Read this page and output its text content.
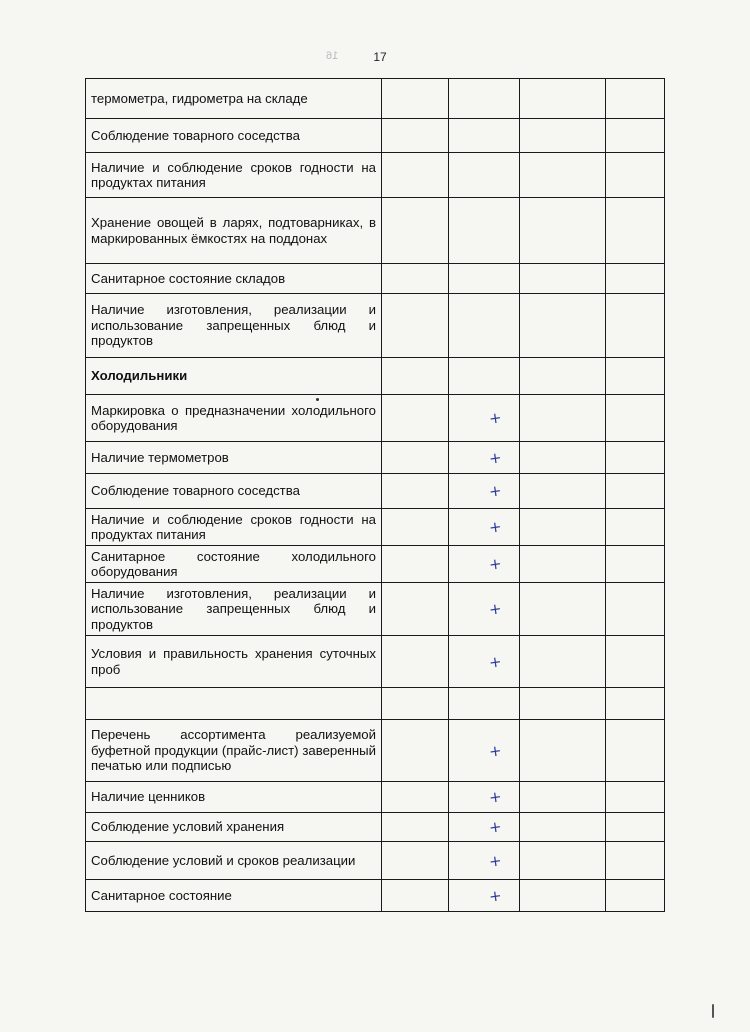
16	17
термометра, гидрометра на складе		

Соблюдение товарного соседства		

Наличие и соблюдение сроков годности на продуктах питания		

Хранение овощей в ларях, подтоварниках, в маркированных ёмкостях на поддонах		

Санитарное состояние складов		

Наличие изготовления, реализации и использование запрещенных блюд и продуктов		

Холодильники		

Маркировка о предназначении холодильного оборудования		+		

Наличие термометров		+		

Соблюдение товарного соседства		+		

Наличие и соблюдение сроков годности на продуктах питания		+		

Санитарное состояние холодильного оборудования		+		

Наличие изготовления, реализации и использование запрещенных блюд и продуктов		+		

Условия и правильность хранения суточных проб		+		

Перечень ассортимента реализуемой буфетной продукции (прайс-лист) заверенный печатью или подписью		+		

Наличие ценников		+		

Соблюдение условий хранения		+		

Соблюдение условий и сроков реализации		+		

Санитарное состояние		+		
